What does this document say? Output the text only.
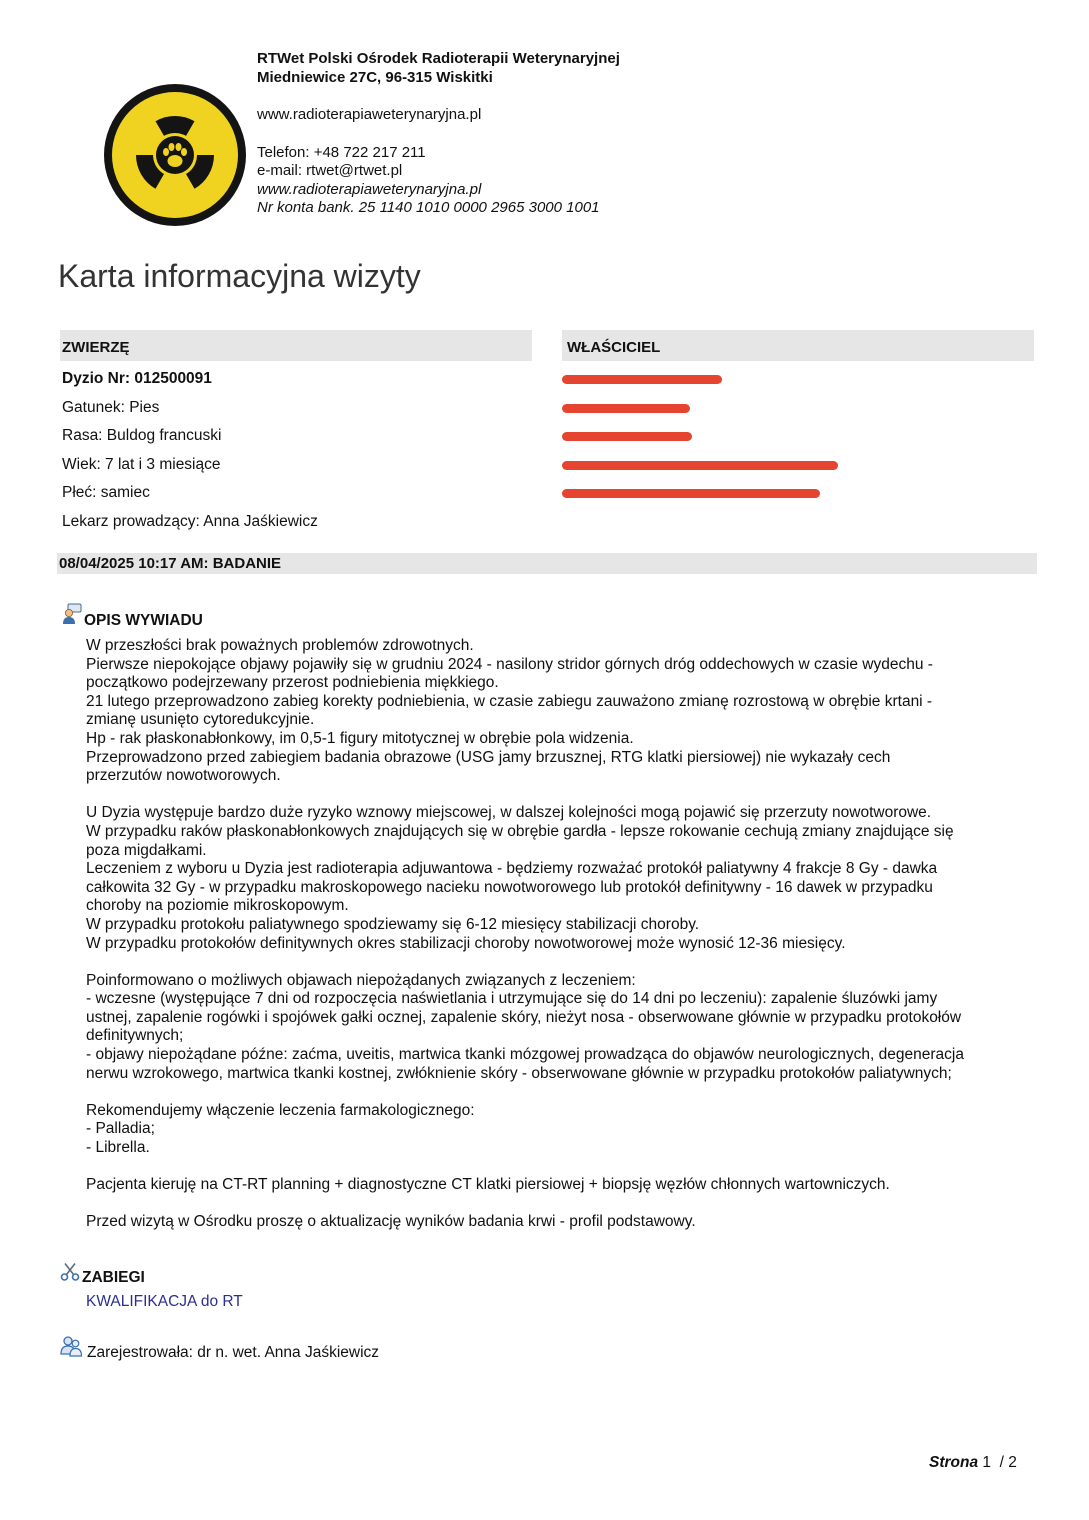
RTWet Polski Ośrodek Radioterapii Weterynaryjnej
Miedniewice 27C, 96-315 Wiskitki
www.radioterapiaweterynaryjna.pl
Telefon: +48 722 217 211
e-mail: rtwet@rtwet.pl
www.radioterapiaweterynaryjna.pl
Nr konta bank. 25 1140 1010 0000 2965 3000 1001
Karta informacyjna wizyty
ZWIERZĘ	WŁAŚCICIEL
Dyzio Nr: 012500091
Gatunek: Pies
Rasa: Buldog francuski
Wiek: 7 lat i 3 miesiące
Płeć: samiec
Lekarz prowadzący: Anna Jaśkiewicz
08/04/2025 10:17 AM: BADANIE
OPIS WYWIADU
W przeszłości brak poważnych problemów zdrowotnych.
Pierwsze niepokojące objawy pojawiły się w grudniu 2024 - nasilony stridor górnych dróg oddechowych w czasie wydechu -
początkowo podejrzewany przerost podniebienia miękkiego.
21 lutego przeprowadzono zabieg korekty podniebienia, w czasie zabiegu zauważono zmianę rozrostową w obrębie krtani -
zmianę usunięto cytoredukcyjnie.
Hp - rak płaskonabłonkowy, im 0,5-1 figury mitotycznej w obrębie pola widzenia.
Przeprowadzono przed zabiegiem badania obrazowe (USG jamy brzusznej, RTG klatki piersiowej) nie wykazały cech
przerzutów nowotworowych.
U Dyzia występuje bardzo duże ryzyko wznowy miejscowej, w dalszej kolejności mogą pojawić się przerzuty nowotworowe.
W przypadku raków płaskonabłonkowych znajdujących się w obrębie gardła - lepsze rokowanie cechują zmiany znajdujące się
poza migdałkami.
Leczeniem z wyboru u Dyzia jest radioterapia adjuwantowa - będziemy rozważać protokół paliatywny 4 frakcje 8 Gy - dawka
całkowita 32 Gy - w przypadku makroskopowego nacieku nowotworowego lub protokół definitywny - 16 dawek w przypadku
choroby na poziomie mikroskopowym.
W przypadku protokołu paliatywnego spodziewamy się 6-12 miesięcy stabilizacji choroby.
W przypadku protokołów definitywnych okres stabilizacji choroby nowotworowej może wynosić 12-36 miesięcy.
Poinformowano o możliwych objawach niepożądanych związanych z leczeniem:
- wczesne (występujące 7 dni od rozpoczęcia naświetlania i utrzymujące się do 14 dni po leczeniu): zapalenie śluzówki jamy
ustnej, zapalenie rogówki i spojówek gałki ocznej, zapalenie skóry, nieżyt nosa - obserwowane głównie w przypadku protokołów
definitywnych;
- objawy niepożądane późne: zaćma, uveitis, martwica tkanki mózgowej prowadząca do objawów neurologicznych, degeneracja
nerwu wzrokowego, martwica tkanki kostnej, zwłóknienie skóry - obserwowane głównie w przypadku protokołów paliatywnych;
Rekomendujemy włączenie leczenia farmakologicznego:
- Palladia;
- Librella.
Pacjenta kieruję na CT-RT planning + diagnostyczne CT klatki piersiowej + biopsję węzłów chłonnych wartowniczych.
Przed wizytą w Ośrodku proszę o aktualizację wyników badania krwi - profil podstawowy.
ZABIEGI
KWALIFIKACJA do RT
Zarejestrowała: dr n. wet. Anna Jaśkiewicz
Strona 1 / 2
